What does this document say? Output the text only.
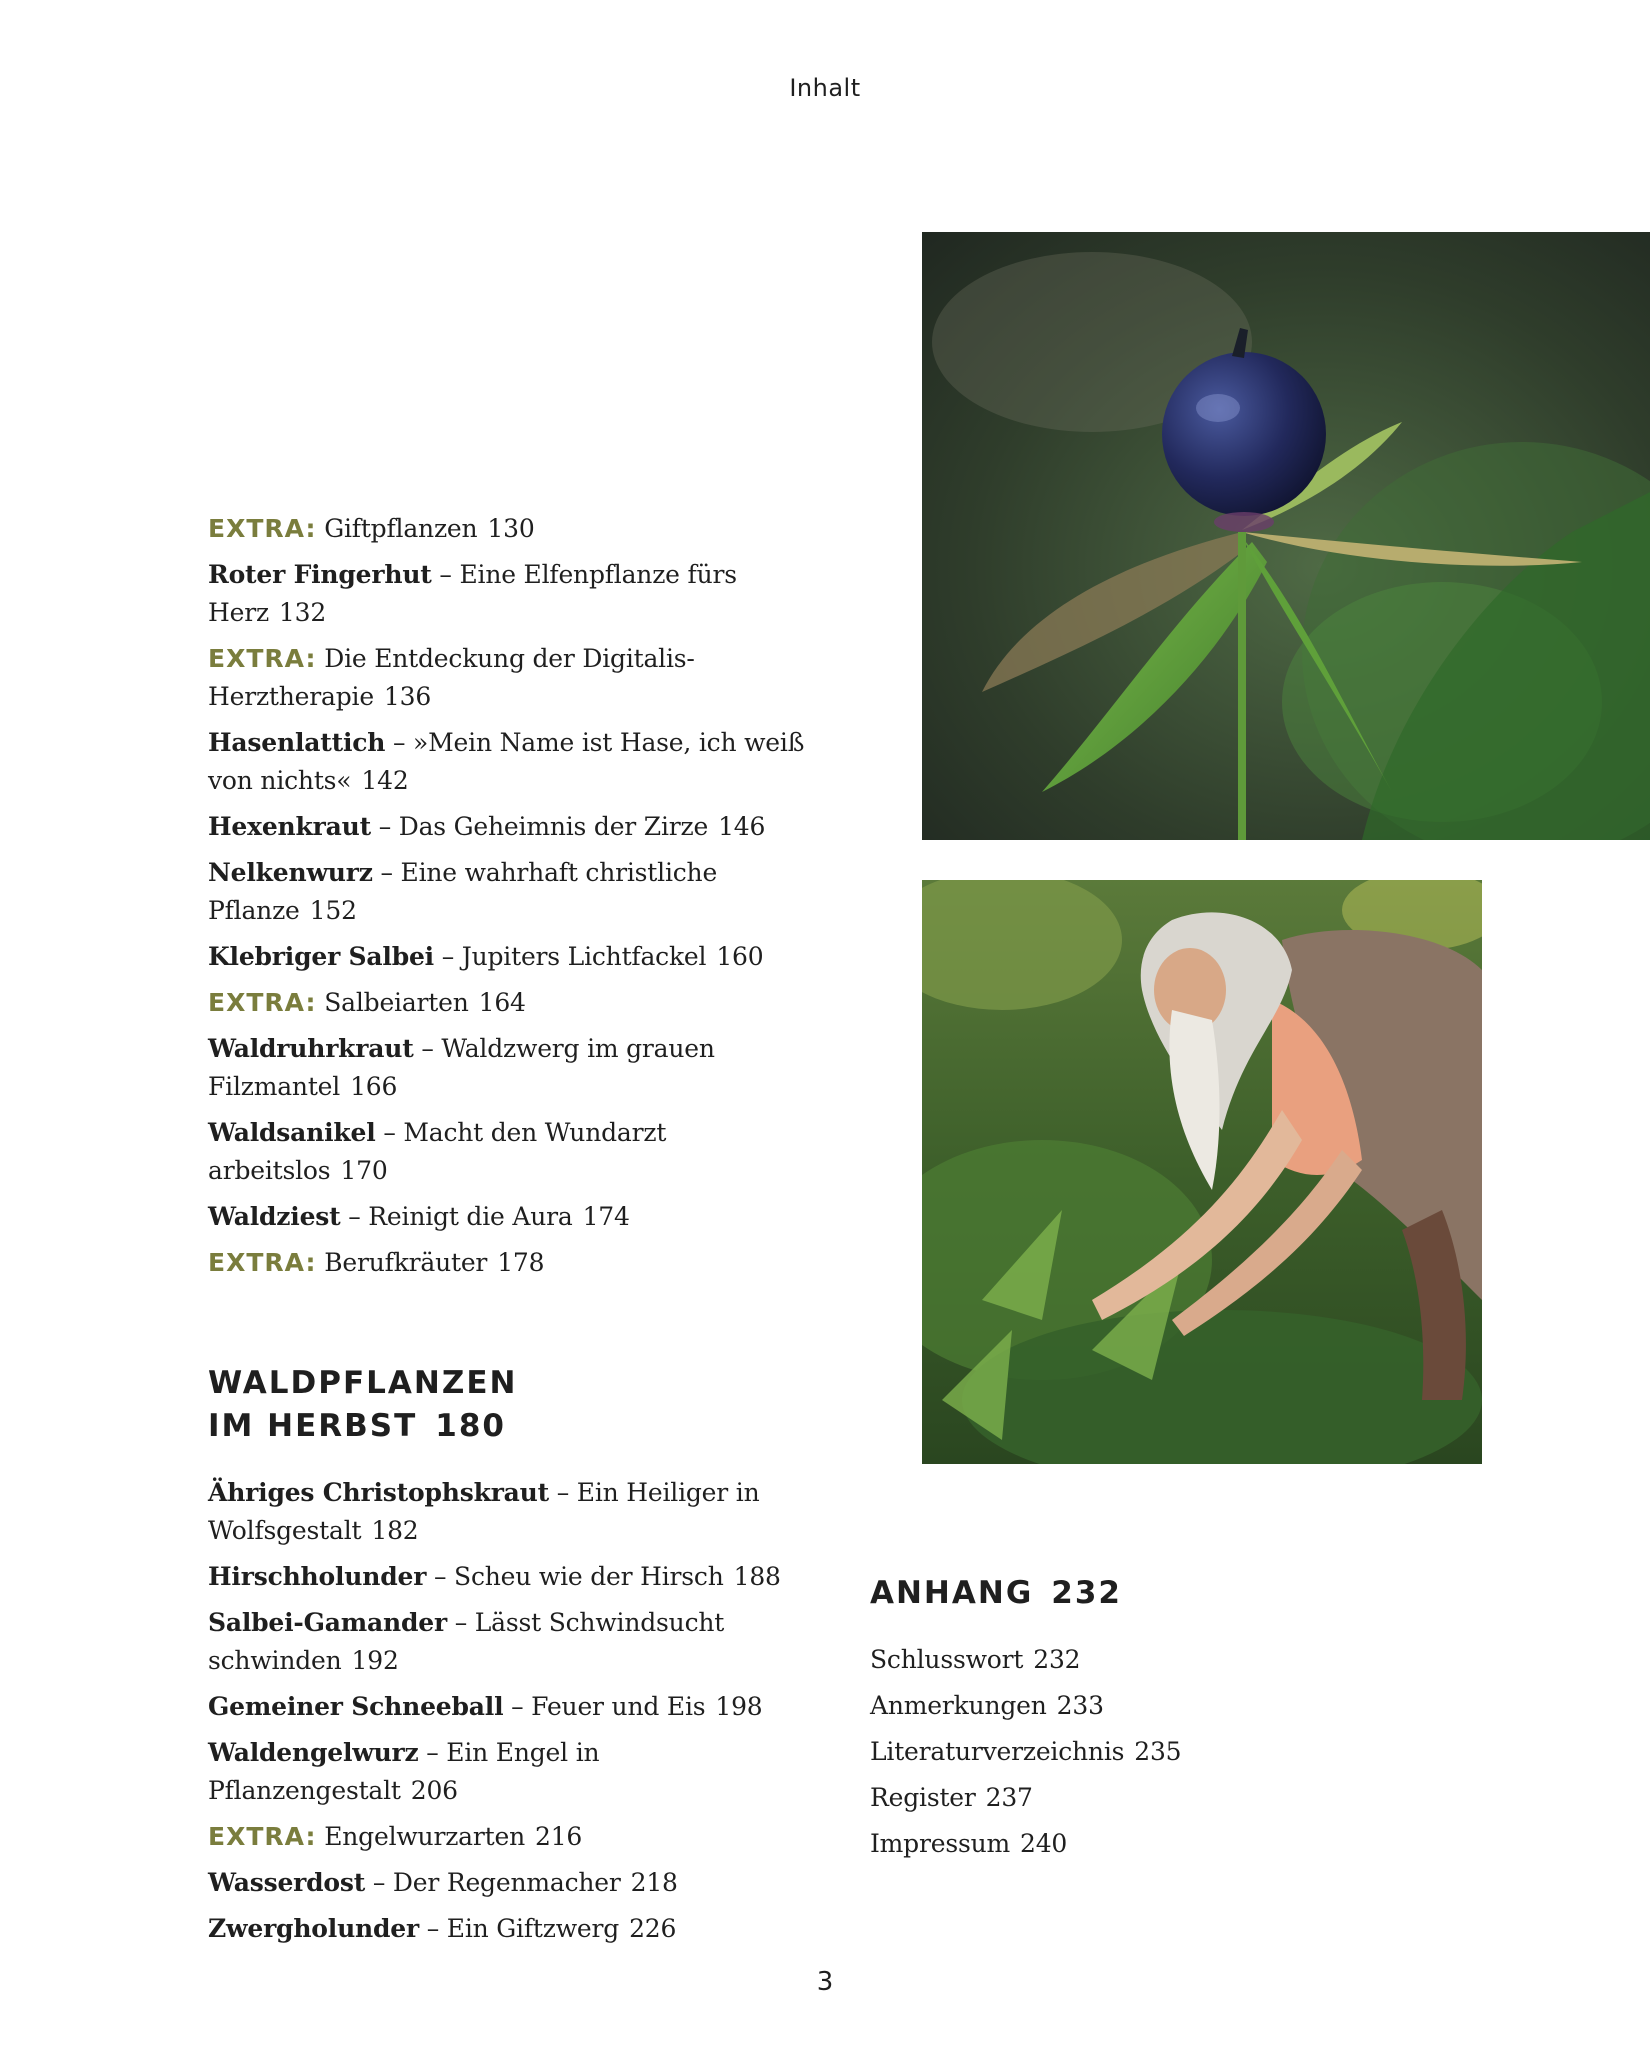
Inhalt
EXTRA: Giftpflanzen 130
Roter Fingerhut – Eine Elfenpflanze fürs Herz 132
EXTRA: Die Entdeckung der Digitalis-Herztherapie 136
Hasenlattich – »Mein Name ist Hase, ich weiß von nichts« 142
Hexenkraut – Das Geheimnis der Zirze 146
Nelkenwurz – Eine wahrhaft christliche Pflanze 152
Klebriger Salbei – Jupiters Lichtfackel 160
EXTRA: Salbeiarten 164
Waldruhrkraut – Waldzwerg im grauen Filzmantel 166
Waldsanikel – Macht den Wundarzt arbeitslos 170
Waldziest – Reinigt die Aura 174
EXTRA: Berufkräuter 178
WALDPFLANZEN
IM HERBST 180
Ähriges Christophskraut – Ein Heiliger in Wolfsgestalt 182
Hirschholunder – Scheu wie der Hirsch 188
Salbei-Gamander – Lässt Schwindsucht schwinden 192
Gemeiner Schneeball – Feuer und Eis 198
Waldengelwurz – Ein Engel in Pflanzengestalt 206
EXTRA: Engelwurzarten 216
Wasserdost – Der Regenmacher 218
Zwergholunder – Ein Giftzwerg 226
ANHANG 232
Schlusswort 232
Anmerkungen 233
Literaturverzeichnis 235
Register 237
Impressum 240
3
